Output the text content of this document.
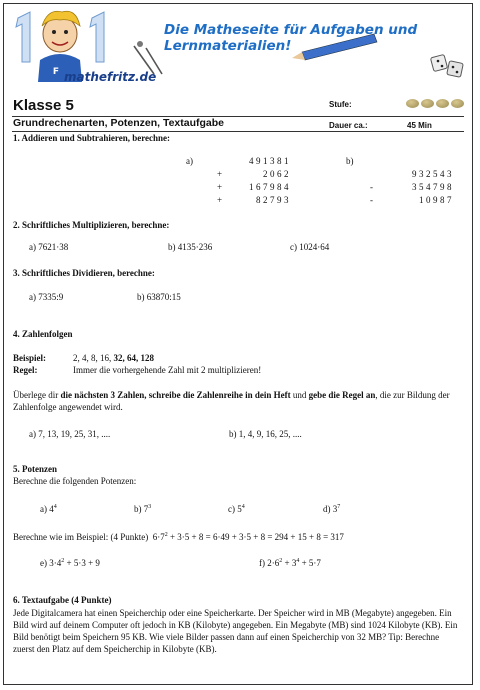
F
Die Matheseite für Aufgaben und Lernmaterialien!
mathefritz.de
Klasse 5	Stufe:
Grundrechenarten, Potenzen, Textaufgabe	Dauer ca.:	45 Min
1. Addieren und Subtrahieren, berechne:
a)	491381
+	2062
+	167984
+	82793
b)
932543
-	354798
-	10987
2. Schriftliches Multiplizieren, berechne:
a) 7621·38	b) 4135·236	c) 1024·64
3. Schriftliches Dividieren, berechne:
a) 7335:9	b) 63870:15
4. Zahlenfolgen
Beispiel:	2, 4, 8, 16, 32, 64, 128
Regel:	Immer die vorhergehende Zahl mit 2 multiplizieren!
Überlege dir die nächsten 3 Zahlen, schreibe die Zahlenreihe in dein Heft und gebe die Regel an, die zur Bildung der Zahlenfolge angewendet wird.
a) 7, 13, 19, 25, 31, ....	b) 1, 4, 9, 16, 25, ....
5. Potenzen
Berechne die folgenden Potenzen:
a) $4^4$	b) $7^3$	c) $5^4$	d) $3^7$
Berechne wie im Beispiel: (4 Punkte) $6\cdot 7^2 + 3\cdot 5 + 8 = 6\cdot 49 + 3\cdot 5 + 8 = 294 + 15 + 8 = 317$
e) $3\cdot 4^2 + 5\cdot 3 + 9$	f) $2\cdot 6^2 + 3^4 + 5\cdot 7$
6. Textaufgabe (4 Punkte)
Jede Digitalcamera hat einen Speicherchip oder eine Speicherkarte. Der Speicher wird in MB (Megabyte) angegeben. Ein Bild wird auf deinem Computer oft jedoch in KB (Kilobyte) angegeben. Ein Megabyte (MB) sind 1024 Kilobyte (KB). Ein Bild benötigt beim Speichern 95 KB. Wie viele Bilder passen dann auf einen Speicherchip von 32 MB? Tip: Berechne zuerst den Platz auf dem Speicherchip in Kilobyte (KB).
